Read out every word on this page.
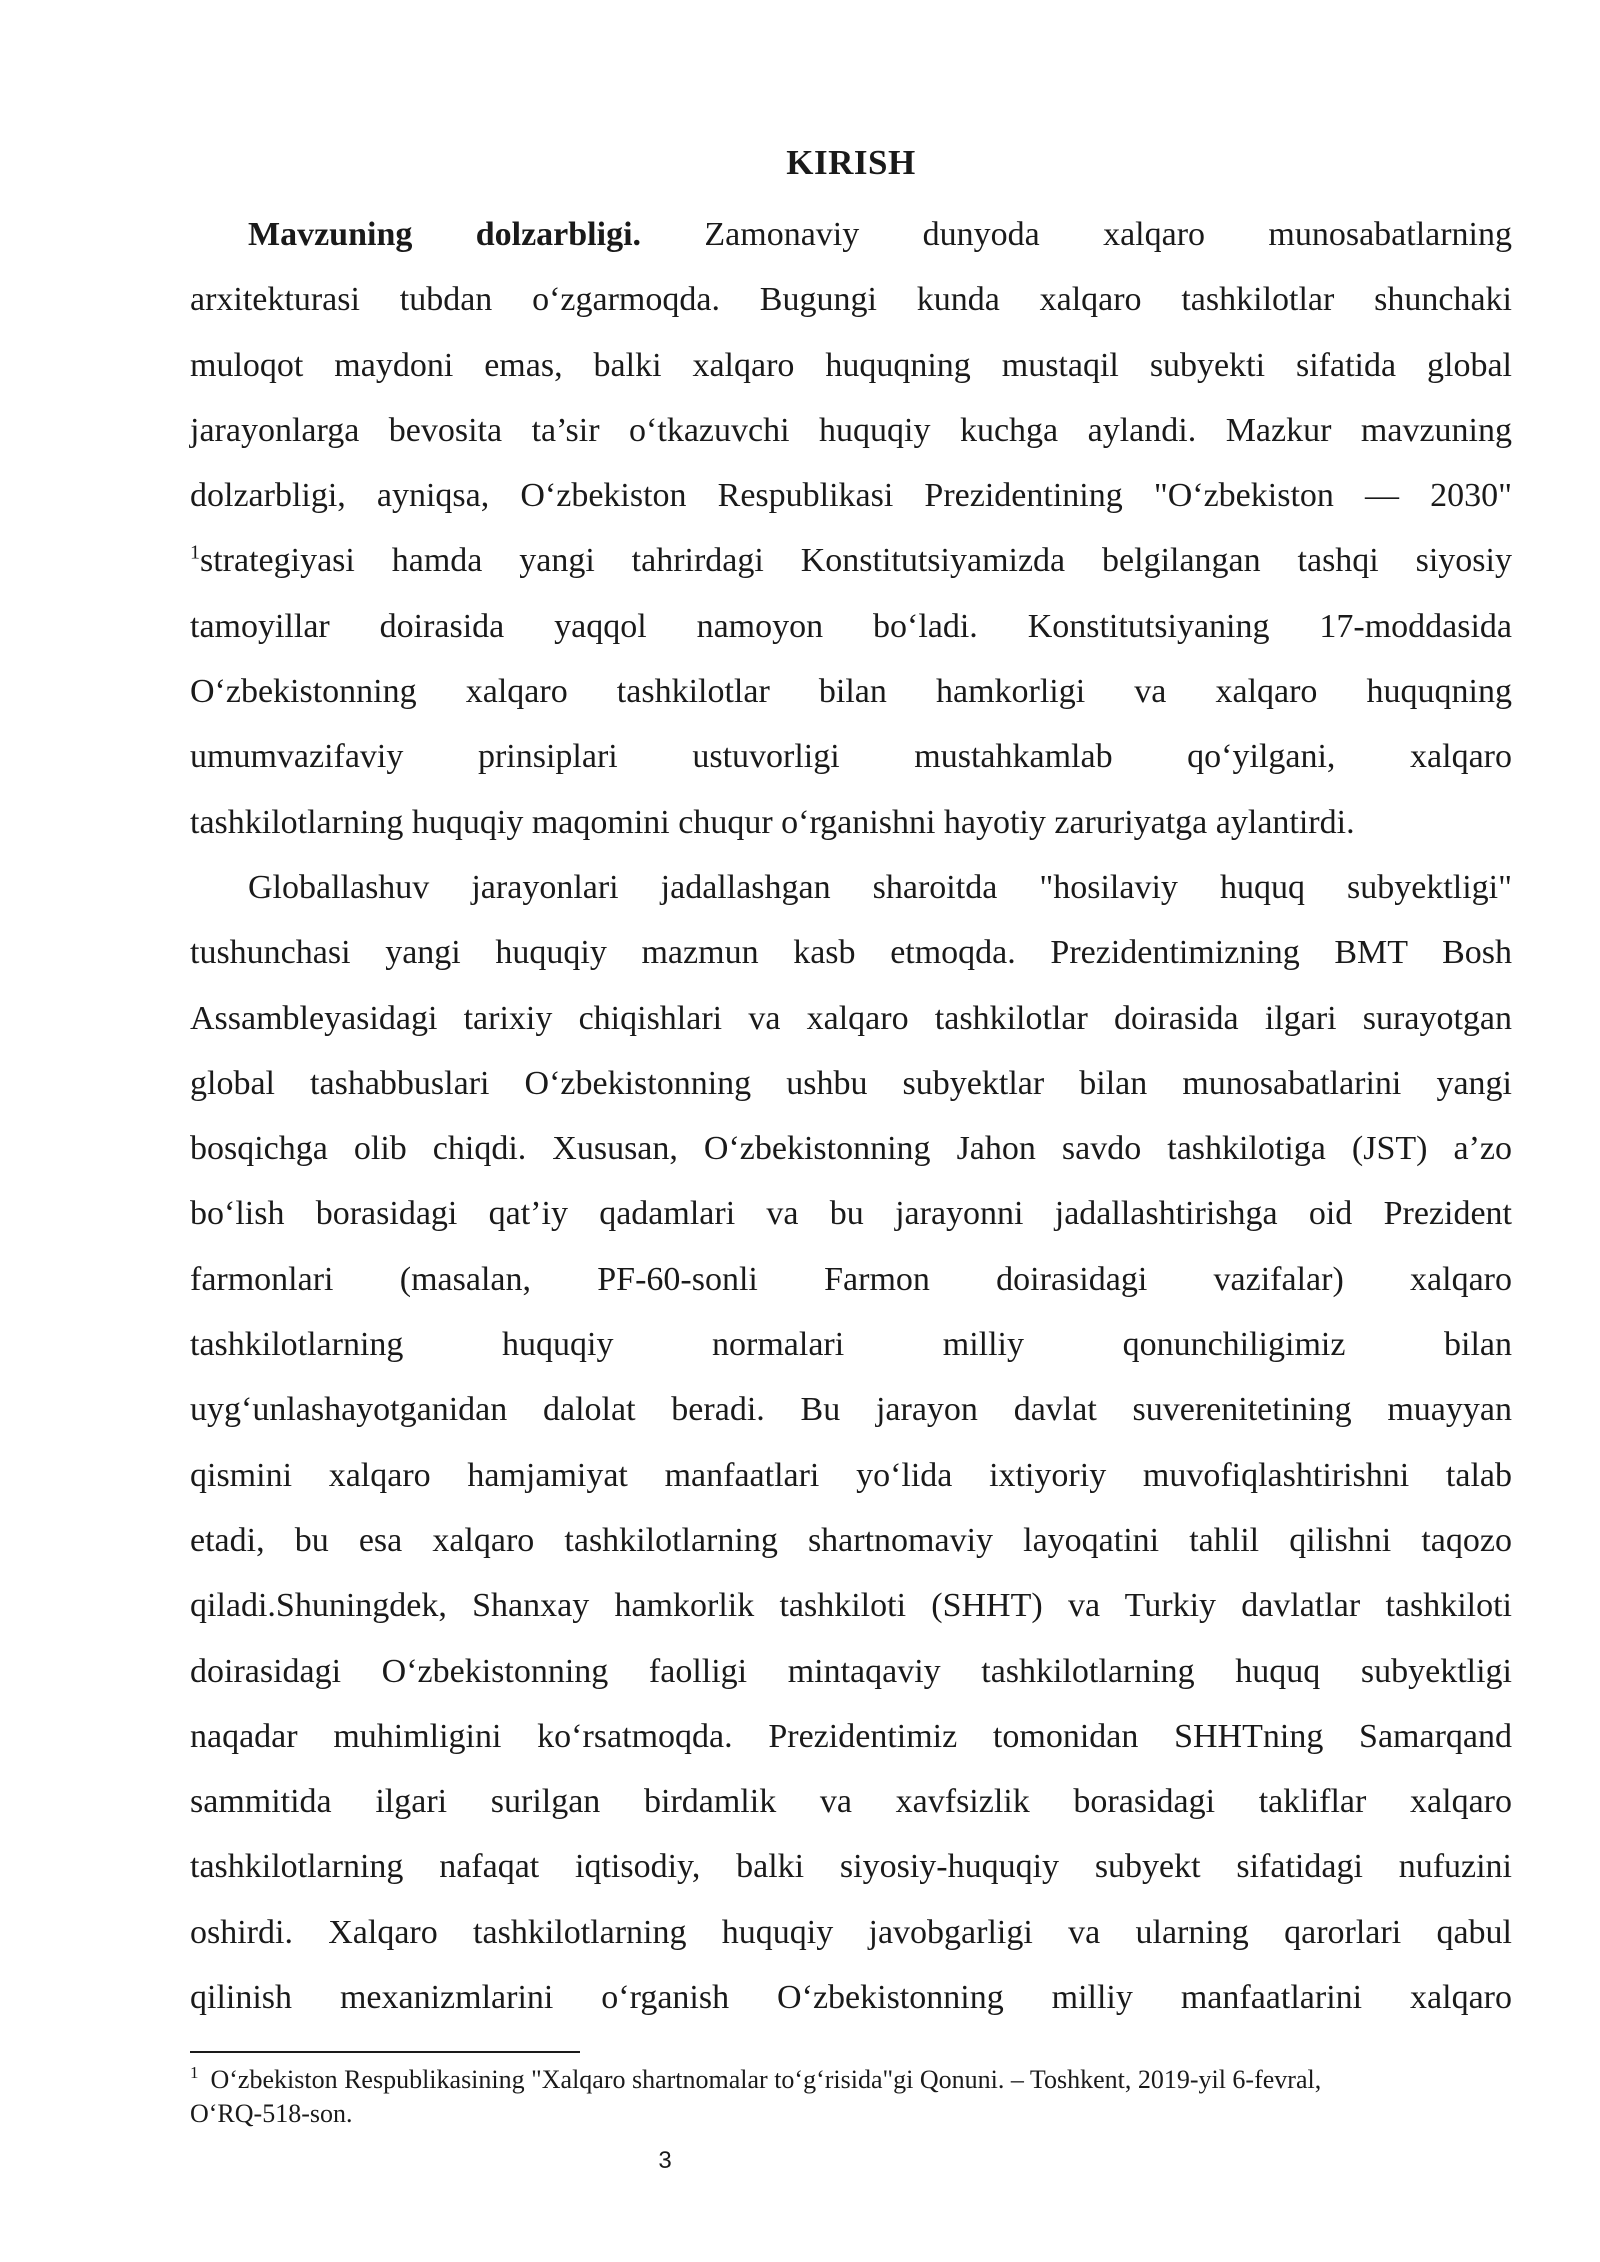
KIRISH
Mavzuning dolzarbligi. Zamonaviy dunyoda xalqaro munosabatlarning
arxitekturasi tubdan o‘zgarmoqda. Bugungi kunda xalqaro tashkilotlar shunchaki
muloqot maydoni emas, balki xalqaro huquqning mustaqil subyekti sifatida global
jarayonlarga bevosita ta’sir o‘tkazuvchi huquqiy kuchga aylandi. Mazkur mavzuning
dolzarbligi, ayniqsa, O‘zbekiston Respublikasi Prezidentining "O‘zbekiston — 2030"
$^1$strategiyasi hamda yangi tahrirdagi Konstitutsiyamizda belgilangan tashqi siyosiy
tamoyillar doirasida yaqqol namoyon bo‘ladi. Konstitutsiyaning 17-moddasida
O‘zbekistonning xalqaro tashkilotlar bilan hamkorligi va xalqaro huquqning
umumvazifaviy prinsiplari ustuvorligi mustahkamlab qo‘yilgani, xalqaro
tashkilotlarning huquqiy maqomini chuqur o‘rganishni hayotiy zaruriyatga aylantirdi.
Globallashuv jarayonlari jadallashgan sharoitda "hosilaviy huquq subyektligi"
tushunchasi yangi huquqiy mazmun kasb etmoqda. Prezidentimizning BMT Bosh
Assambleyasidagi tarixiy chiqishlari va xalqaro tashkilotlar doirasida ilgari surayotgan
global tashabbuslari O‘zbekistonning ushbu subyektlar bilan munosabatlarini yangi
bosqichga olib chiqdi. Xususan, O‘zbekistonning Jahon savdo tashkilotiga (JST) a’zo
bo‘lish borasidagi qat’iy qadamlari va bu jarayonni jadallashtirishga oid Prezident
farmonlari (masalan, PF-60-sonli Farmon doirasidagi vazifalar) xalqaro
tashkilotlarning huquqiy normalari milliy qonunchiligimiz bilan
uyg‘unlashayotganidan dalolat beradi. Bu jarayon davlat suverenitetining muayyan
qismini xalqaro hamjamiyat manfaatlari yo‘lida ixtiyoriy muvofiqlashtirishni talab
etadi, bu esa xalqaro tashkilotlarning shartnomaviy layoqatini tahlil qilishni taqozo
qiladi.Shuningdek, Shanxay hamkorlik tashkiloti (SHHT) va Turkiy davlatlar tashkiloti
doirasidagi O‘zbekistonning faolligi mintaqaviy tashkilotlarning huquq subyektligi
naqadar muhimligini ko‘rsatmoqda. Prezidentimiz tomonidan SHHTning Samarqand
sammitida ilgari surilgan birdamlik va xavfsizlik borasidagi takliflar xalqaro
tashkilotlarning nafaqat iqtisodiy, balki siyosiy-huquqiy subyekt sifatidagi nufuzini
oshirdi. Xalqaro tashkilotlarning huquqiy javobgarligi va ularning qarorlari qabul
qilinish mexanizmlarini o‘rganish O‘zbekistonning milliy manfaatlarini xalqaro
$^1$ O‘zbekiston Respublikasining "Xalqaro shartnomalar to‘g‘risida"gi Qonuni. – Toshkent, 2019-yil 6-fevral,
O‘RQ-518-son.
3
